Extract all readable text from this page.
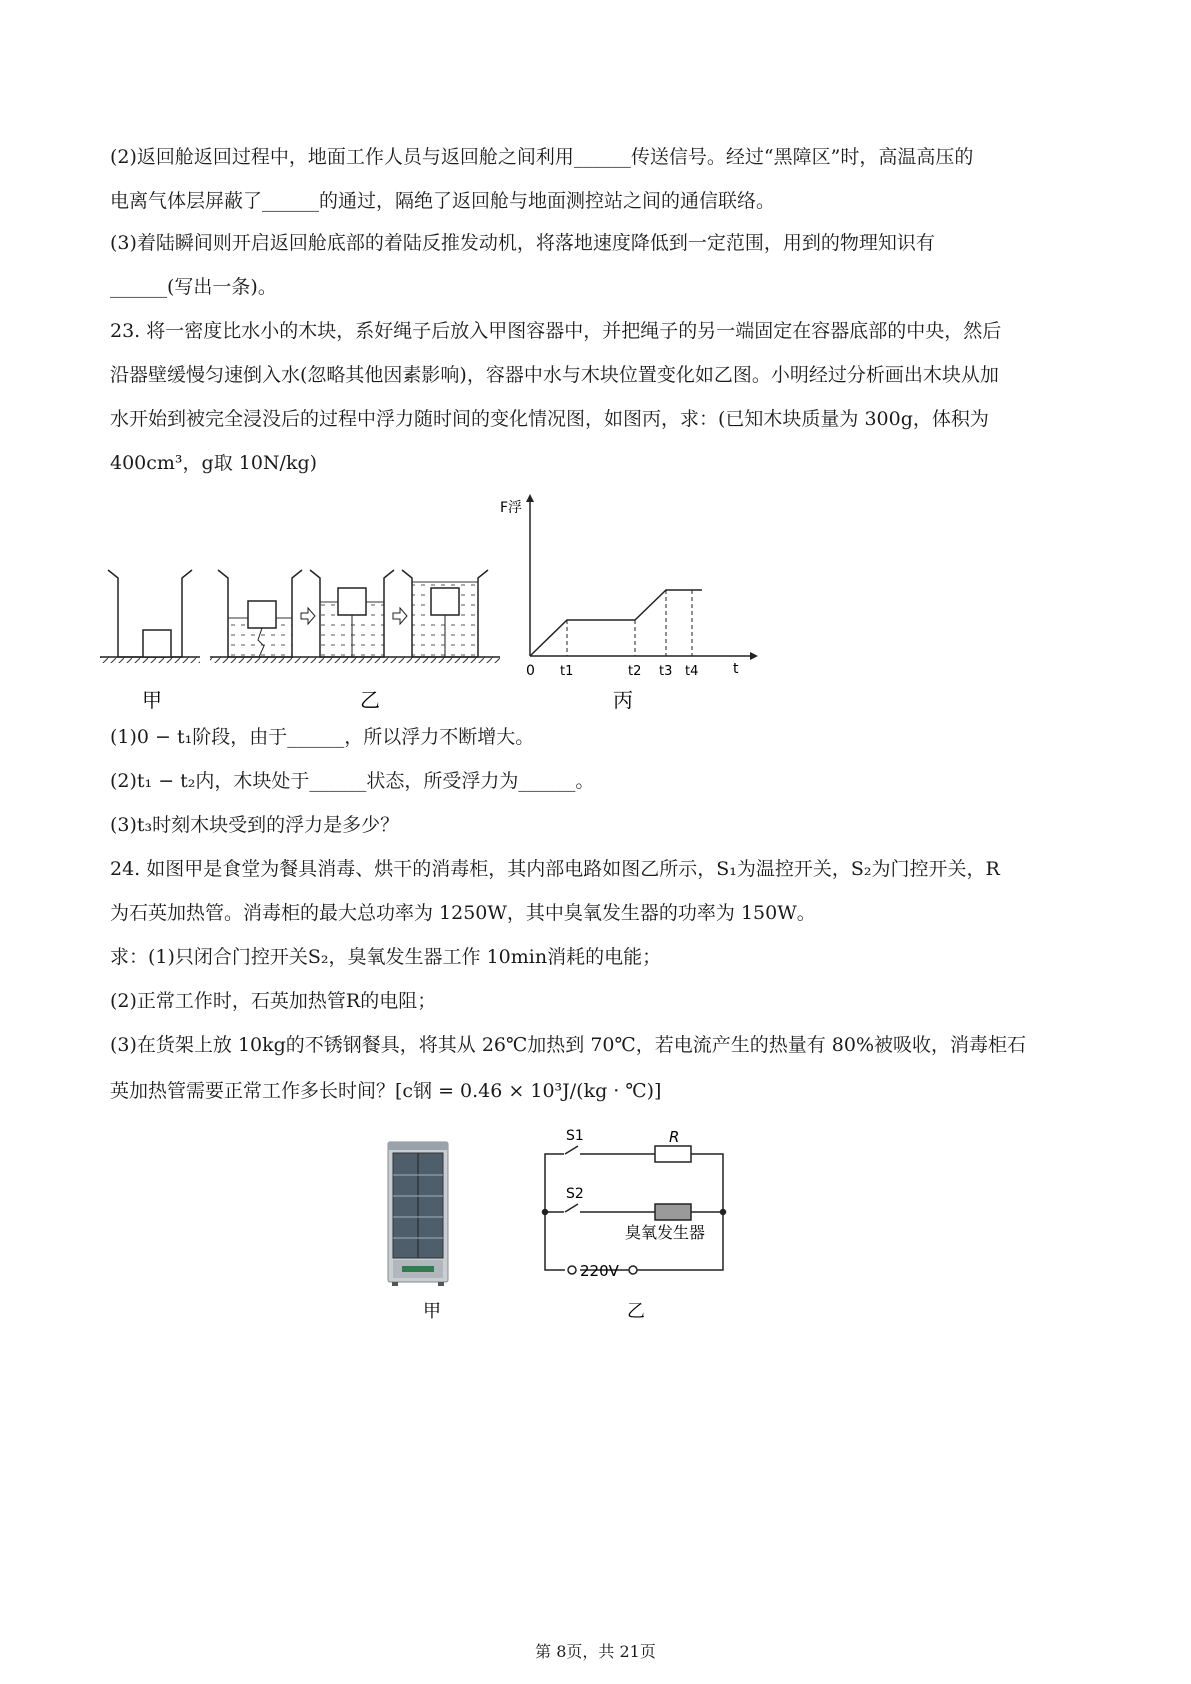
(2)返回舱返回过程中，地面工作人员与返回舱之间利用______传送信号。经过“黑障区”时，高温高压的
电离气体层屏蔽了______的通过，隔绝了返回舱与地面测控站之间的通信联络。
(3)着陆瞬间则开启返回舱底部的着陆反推发动机，将落地速度降低到一定范围，用到的物理知识有
______(写出一条)。
23. 将一密度比水小的木块，系好绳子后放入甲图容器中，并把绳子的另一端固定在容器底部的中央，然后
沿器壁缓慢匀速倒入水(忽略其他因素影响)，容器中水与木块位置变化如乙图。小明经过分析画出木块从加
水开始到被完全浸没后的过程中浮力随时间的变化情况图，如图丙，求：(已知木块质量为 300g，体积为
400cm³，g取 10N/kg)
F浮
0	t
t1	t2 t3 t4
甲	乙	丙
(1)0 − t₁阶段，由于______，所以浮力不断增大。
(2)t₁ − t₂内，木块处于______状态，所受浮力为______。
(3)t₃时刻木块受到的浮力是多少？
24. 如图甲是食堂为餐具消毒、烘干的消毒柜，其内部电路如图乙所示，S₁为温控开关，S₂为门控开关，R
为石英加热管。消毒柜的最大总功率为 1250W，其中臭氧发生器的功率为 150W。
求：(1)只闭合门控开关S₂，臭氧发生器工作 10min消耗的电能；
(2)正常工作时，石英加热管R的电阻；
(3)在货架上放 10kg的不锈钢餐具，将其从 26℃加热到 70℃，若电流产生的热量有 80%被吸收，消毒柜石
英加热管需要正常工作多长时间？[c钢 = 0.46 × 10³J/(kg · ℃)]
S1
S2
R
臭氧发生器
220V
甲	乙
第 8页，共 21页
